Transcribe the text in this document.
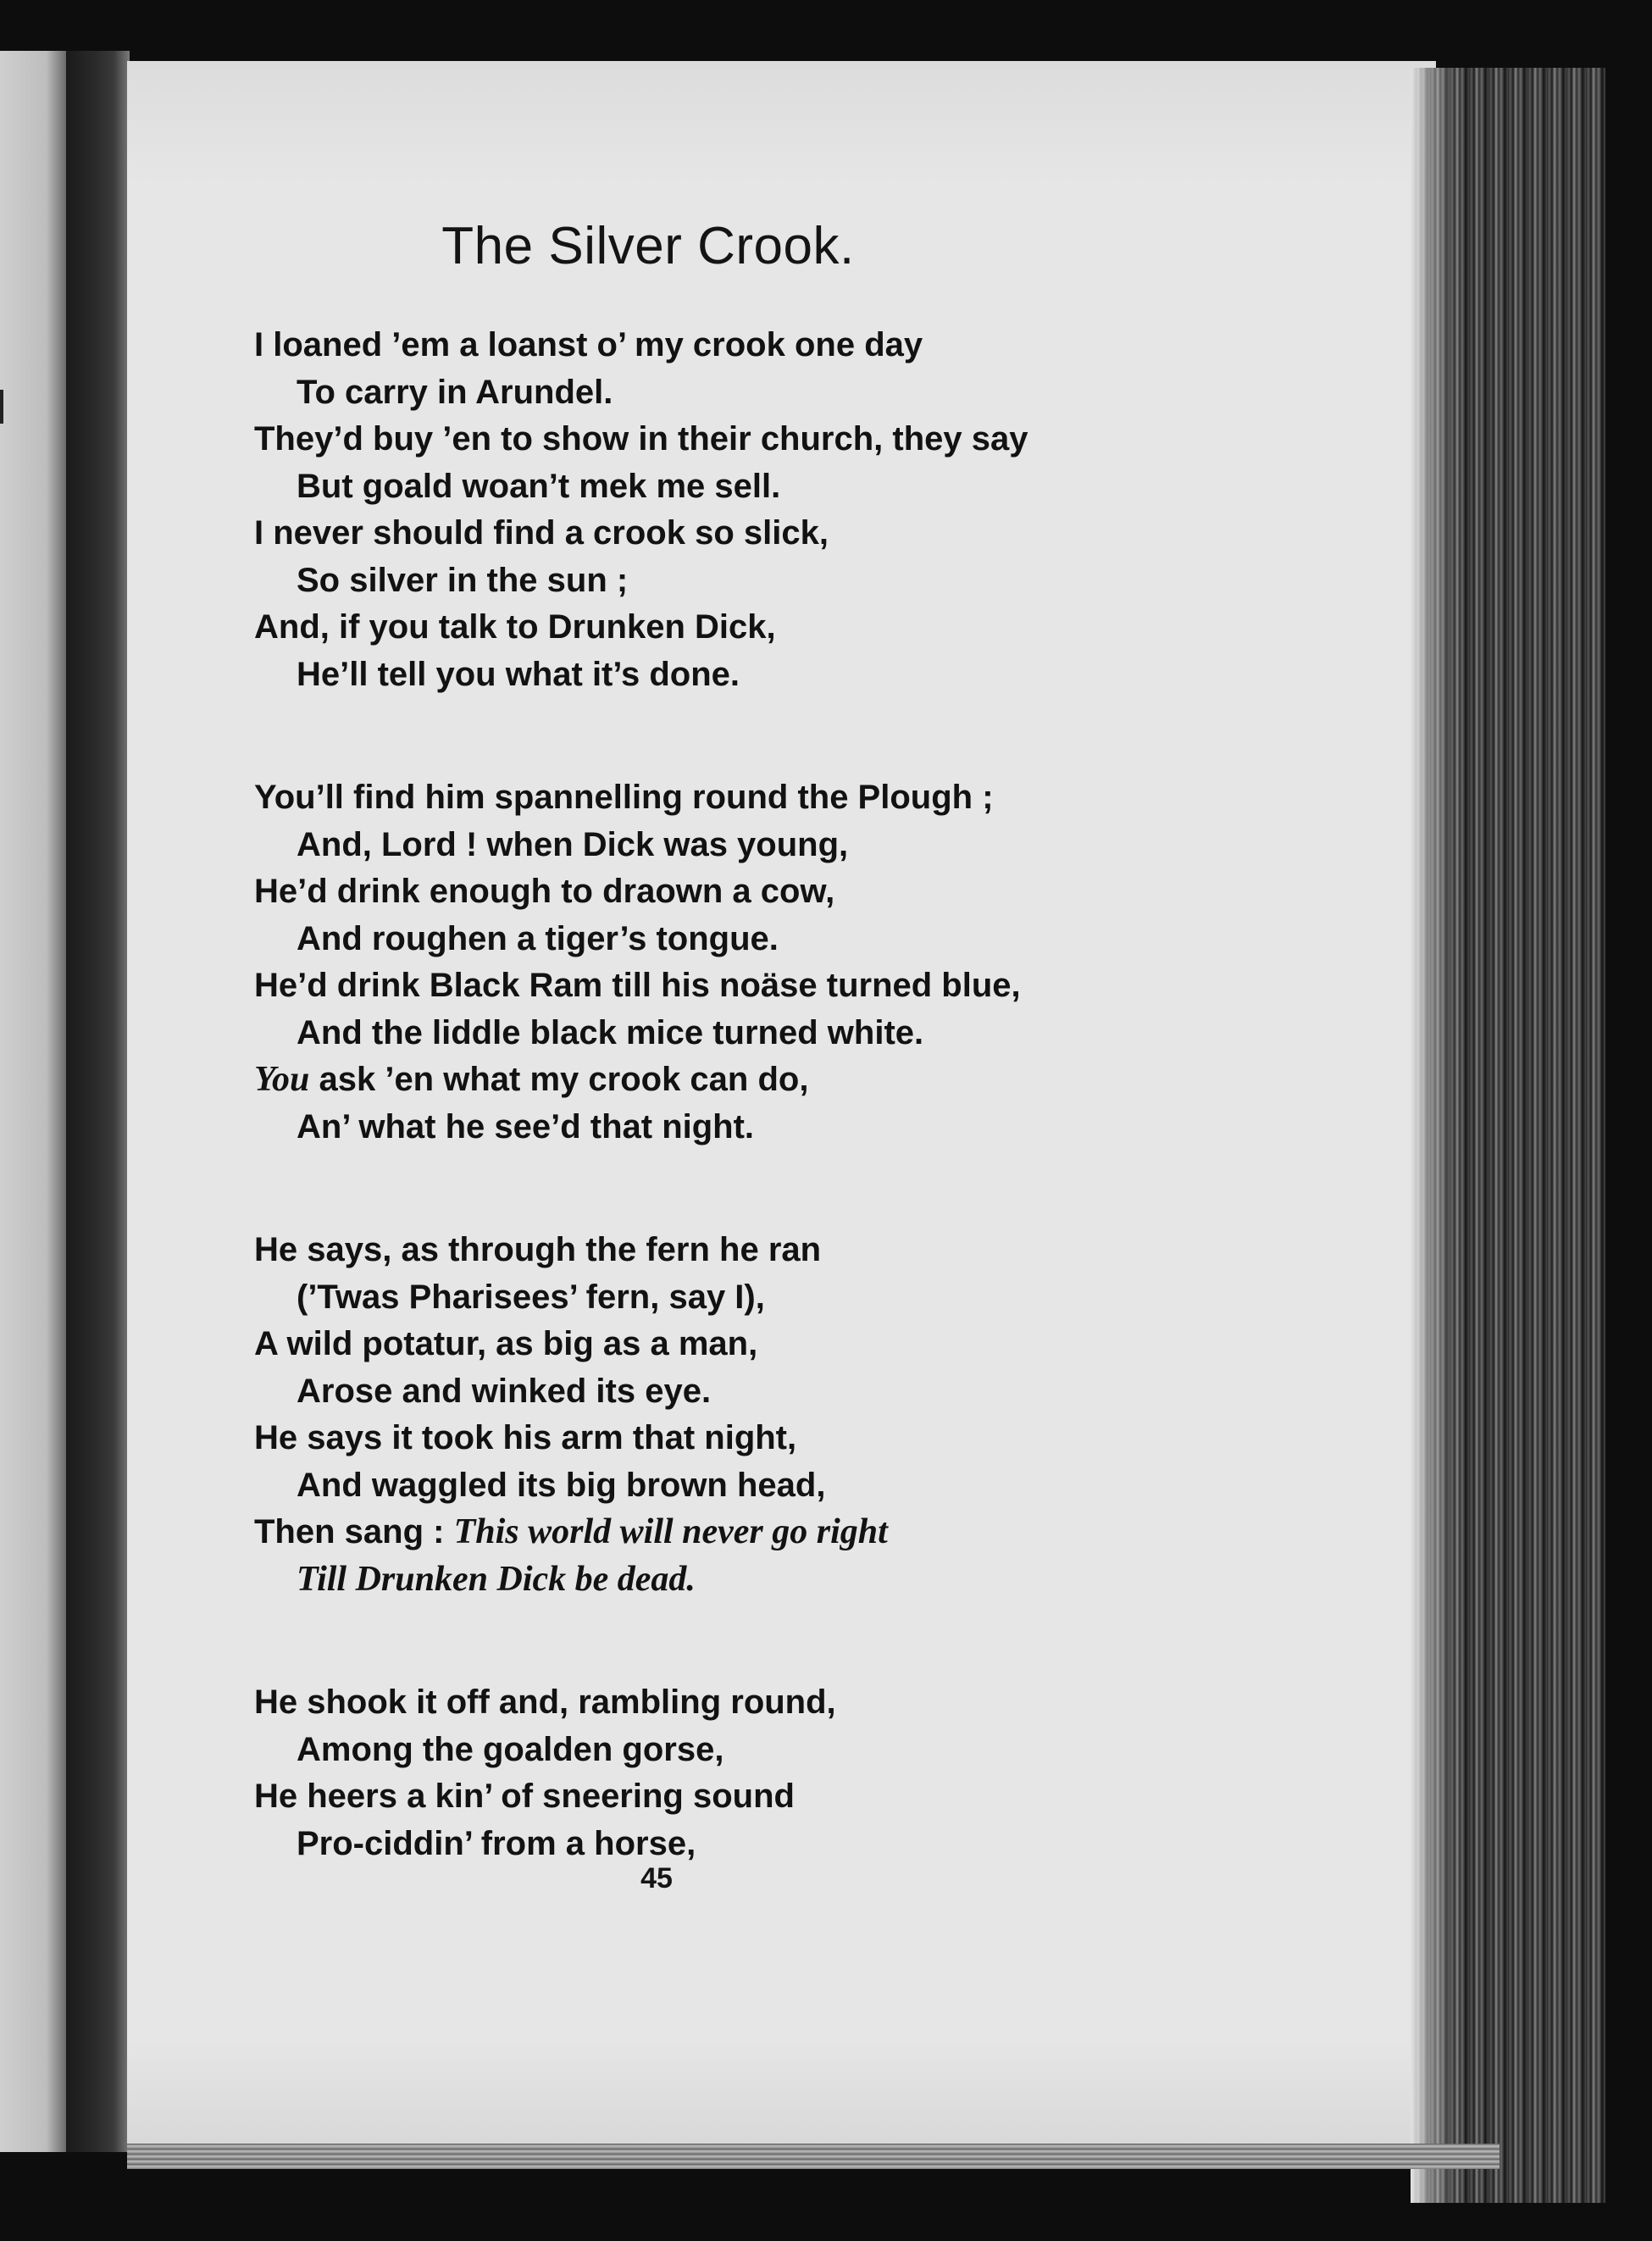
The Silver Crook.
I loaned ’em a loanst o’ my crook one day
To carry in Arundel.
They’d buy ’en to show in their church, they say
But goald woan’t mek me sell.
I never should find a crook so slick,
So silver in the sun ;
And, if you talk to Drunken Dick,
He’ll tell you what it’s done.
You’ll find him spannelling round the Plough ;
And, Lord ! when Dick was young,
He’d drink enough to draown a cow,
And roughen a tiger’s tongue.
He’d drink Black Ram till his noäse turned blue,
And the liddle black mice turned white.
You ask ’en what my crook can do,
An’ what he see’d that night.
He says, as through the fern he ran
(’Twas Pharisees’ fern, say I),
A wild potatur, as big as a man,
Arose and winked its eye.
He says it took his arm that night,
And waggled its big brown head,
Then sang : This world will never go right
Till Drunken Dick be dead.
He shook it off and, rambling round,
Among the goalden gorse,
He heers a kin’ of sneering sound
Pro-ciddin’ from a horse,
45
